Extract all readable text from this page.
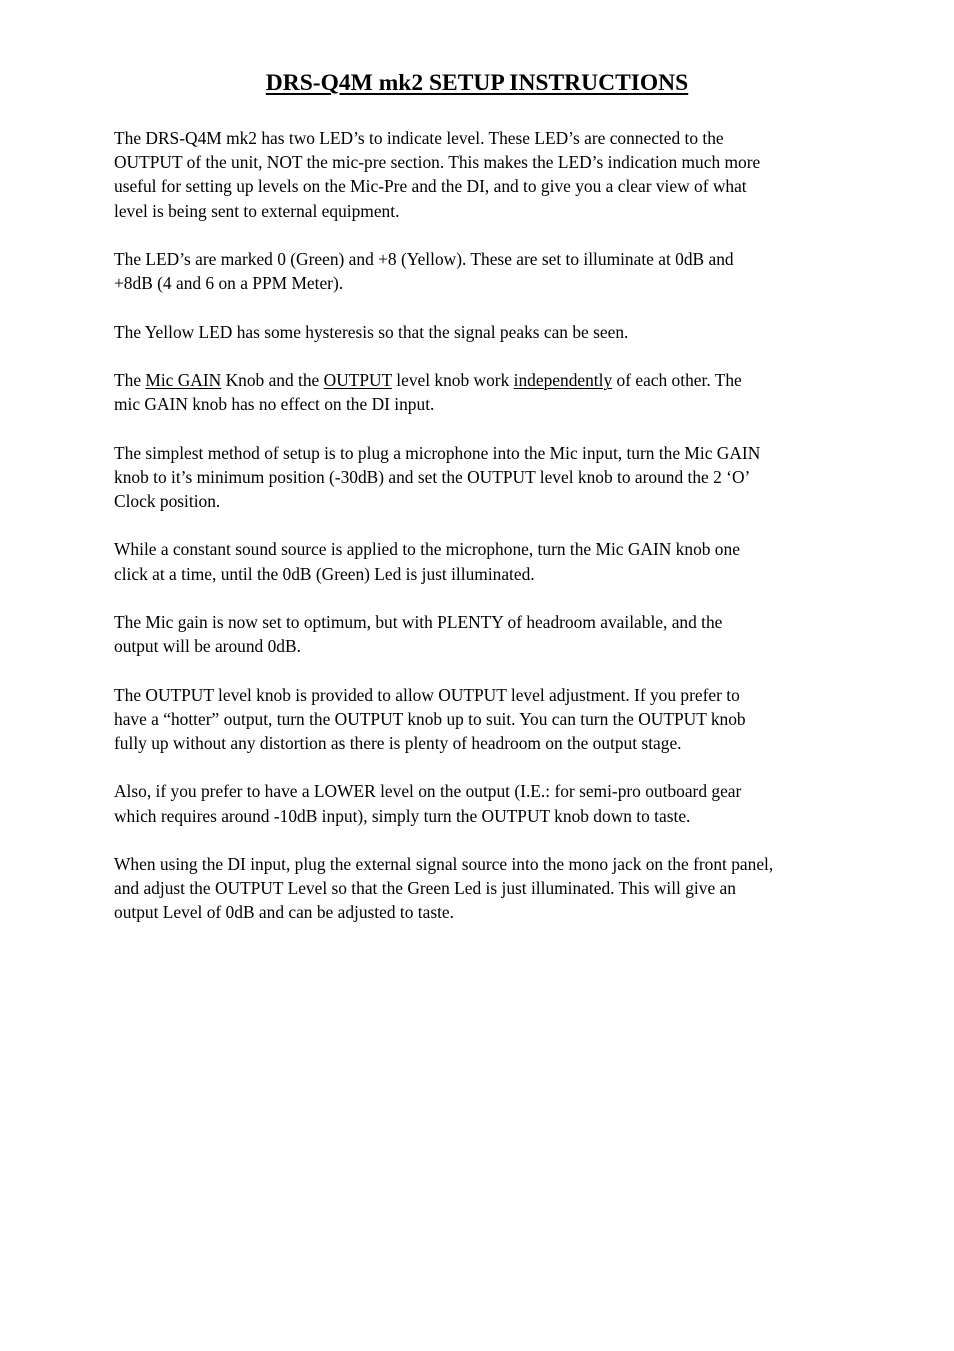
DRS-Q4M mk2 SETUP INSTRUCTIONS

The DRS-Q4M mk2 has two LED’s to indicate level. These LED’s are connected to the
OUTPUT of the unit, NOT the mic-pre section. This makes the LED’s indication much more
useful for setting up levels on the Mic-Pre and the DI, and to give you a clear view of what
level is being sent to external equipment.

The LED’s are marked 0 (Green) and +8 (Yellow). These are set to illuminate at 0dB and
+8dB (4 and 6 on a PPM Meter).

The Yellow LED has some hysteresis so that the signal peaks can be seen.

The Mic GAIN Knob and the OUTPUT level knob work independently of each other. The
mic GAIN knob has no effect on the DI input.

The simplest method of setup is to plug a microphone into the Mic input, turn the Mic GAIN
knob to it’s minimum position (-30dB) and set the OUTPUT level knob to around the 2 ‘O’
Clock position.

While a constant sound source is applied to the microphone, turn the Mic GAIN knob one
click at a time, until the 0dB (Green) Led is just illuminated.

The Mic gain is now set to optimum, but with PLENTY of headroom available, and the
output will be around 0dB.

The OUTPUT level knob is provided to allow OUTPUT level adjustment. If you prefer to
have a “hotter” output, turn the OUTPUT knob up to suit. You can turn the OUTPUT knob
fully up without any distortion as there is plenty of headroom on the output stage.

Also, if you prefer to have a LOWER level on the output (I.E.: for semi-pro outboard gear
which requires around -10dB input), simply turn the OUTPUT knob down to taste.

When using the DI input, plug the external signal source into the mono jack on the front panel,
and adjust the OUTPUT Level so that the Green Led is just illuminated. This will give an
output Level of 0dB and can be adjusted to taste.
